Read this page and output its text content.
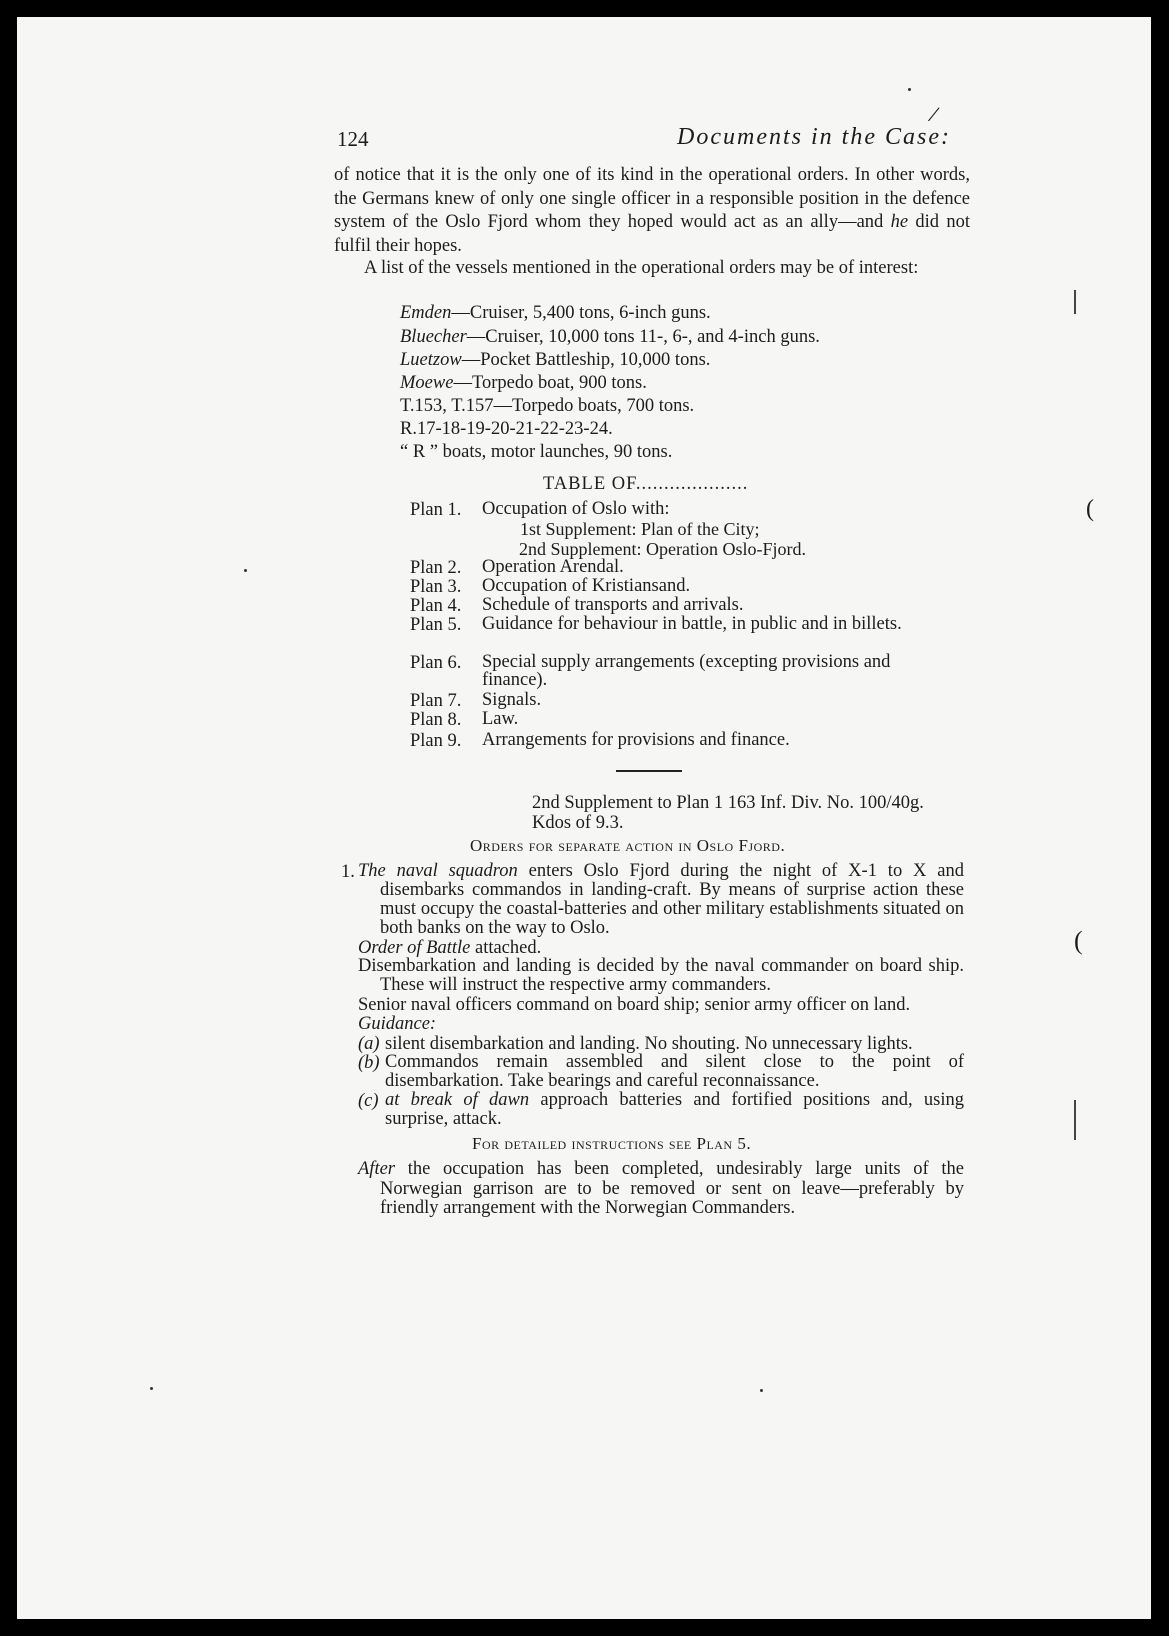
/
(
(
124	Documents in the Case:
of notice that it is the only one of its kind in the operational orders. In other words, the Germans knew of only one single officer in a responsible position in the defence system of the Oslo Fjord whom they hoped would act as an ally—and he did not fulfil their hopes.
A list of the vessels mentioned in the operational orders may be of interest:
Emden—Cruiser, 5,400 tons, 6-inch guns.
Bluecher—Cruiser, 10,000 tons 11-, 6-, and 4-inch guns.
Luetzow—Pocket Battleship, 10,000 tons.
Moewe—Torpedo boat, 900 tons.
T.153, T.157—Torpedo boats, 700 tons.
R.17-18-19-20-21-22-23-24.
“ R ” boats, motor launches, 90 tons.
TABLE OF....................
Plan 1. Occupation of Oslo with:
1st Supplement: Plan of the City;
2nd Supplement: Operation Oslo-Fjord.
Plan 2. Operation Arendal.
Plan 3. Occupation of Kristiansand.
Plan 4. Schedule of transports and arrivals.
Plan 5. Guidance for behaviour in battle, in public and in billets.
Plan 6. Special supply arrangements (excepting provisions and finance).
Plan 7. Signals.
Plan 8. Law.
Plan 9. Arrangements for provisions and finance.
2nd Supplement to Plan 1 163 Inf. Div. No. 100/40g.
Kdos of 9.3.
Orders for separate action in Oslo Fjord.
1. The naval squadron enters Oslo Fjord during the night of X-1 to X and disembarks commandos in landing-craft. By means of surprise action these must occupy the coastal-batteries and other military establishments situated on both banks on the way to Oslo.
Order of Battle attached.
Disembarkation and landing is decided by the naval commander on board ship. These will instruct the respective army commanders.
Senior naval officers command on board ship; senior army officer on land.
Guidance:
(a) silent disembarkation and landing. No shouting. No unnecessary lights.
(b) Commandos remain assembled and silent close to the point of disembarkation. Take bearings and careful reconnaissance.
(c) at break of dawn approach batteries and fortified positions and, using surprise, attack.
For detailed instructions see Plan 5.
After the occupation has been completed, undesirably large units of the Norwegian garrison are to be removed or sent on leave—preferably by friendly arrangement with the Norwegian Commanders.
